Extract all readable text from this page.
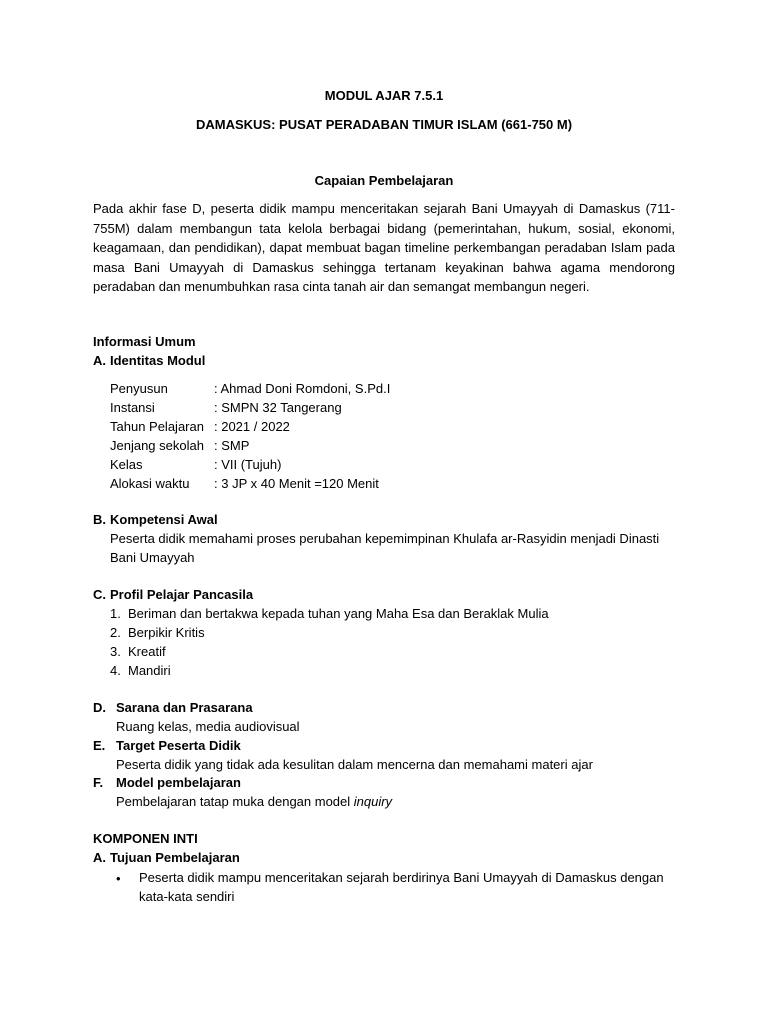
MODUL AJAR 7.5.1
DAMASKUS: PUSAT PERADABAN TIMUR ISLAM (661-750 M)
Capaian Pembelajaran
Pada akhir fase D, peserta didik mampu menceritakan sejarah Bani Umayyah di Damaskus (711-755M) dalam membangun tata kelola berbagai bidang (pemerintahan, hukum, sosial, ekonomi, keagamaan, dan pendidikan), dapat membuat bagan timeline perkembangan peradaban Islam pada masa Bani Umayyah di Damaskus sehingga tertanam keyakinan bahwa agama mendorong peradaban dan menumbuhkan rasa cinta tanah air dan semangat membangun negeri.
Informasi Umum
A. Identitas Modul
Penyusun	: Ahmad Doni Romdoni, S.Pd.I
Instansi	: SMPN 32 Tangerang
Tahun Pelajaran : 2021 / 2022
Jenjang sekolah : SMP
Kelas	: VII (Tujuh)
Alokasi waktu : 3 JP x 40 Menit =120 Menit
B. Kompetensi Awal
Peserta didik memahami proses perubahan kepemimpinan Khulafa ar-Rasyidin menjadi Dinasti
Bani Umayyah
C. Profil Pelajar Pancasila
1. Beriman dan bertakwa kepada tuhan yang Maha Esa dan Beraklak Mulia
2. Berpikir Kritis
3. Kreatif
4. Mandiri
D. Sarana dan Prasarana
Ruang kelas, media audiovisual
E. Target Peserta Didik
Peserta didik yang tidak ada kesulitan dalam mencerna dan memahami materi ajar
F. Model pembelajaran
Pembelajaran tatap muka dengan model inquiry
KOMPONEN INTI
A. Tujuan Pembelajaran
• Peserta didik mampu menceritakan sejarah berdirinya Bani Umayyah di Damaskus dengan kata-kata sendiri
